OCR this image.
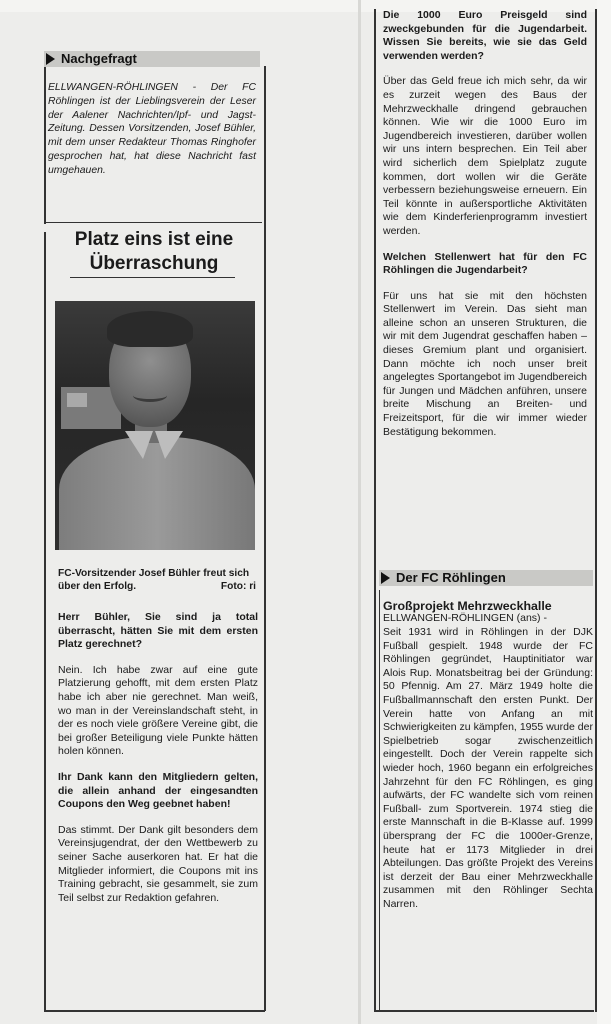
Nachgefragt

ELLWANGEN-RÖHLINGEN - Der FC Röhlingen ist der Lieblingsverein der Leser der Aalener Nachrichten/Ipf- und Jagst-Zeitung. Dessen Vorsitzenden, Josef Bühler, mit dem unser Redakteur Thomas Ringhofer gesprochen hat, hat diese Nachricht fast umgehauen.

Platz eins ist eine
Überraschung

FC-Vorsitzender Josef Bühler freut sich über den Erfolg.	Foto: ri

Herr Bühler, Sie sind ja total überrascht, hätten Sie mit dem ersten Platz gerechnet?

Nein. Ich habe zwar auf eine gute Platzierung gehofft, mit dem ersten Platz habe ich aber nie gerechnet. Man weiß, wo man in der Vereinslandschaft steht, in der es noch viele größere Vereine gibt, die bei großer Beteiligung viele Punkte hätten holen können.

Ihr Dank kann den Mitgliedern gelten, die allein anhand der eingesandten Coupons den Weg geebnet haben!

Das stimmt. Der Dank gilt besonders dem Vereinsjugendrat, der den Wettbewerb zu seiner Sache auserkoren hat. Er hat die Mitglieder informiert, die Coupons mit ins Training gebracht, sie gesammelt, sie zum Teil selbst zur Redaktion gefahren.

Die 1000 Euro Preisgeld sind zweckgebunden für die Jugendarbeit. Wissen Sie bereits, wie sie das Geld verwenden werden?

Über das Geld freue ich mich sehr, da wir es zurzeit wegen des Baus der Mehrzweckhalle dringend gebrauchen können. Wie wir die 1000 Euro im Jugendbereich investieren, darüber wollen wir uns intern besprechen. Ein Teil aber wird sicherlich dem Spielplatz zugute kommen, dort wollen wir die Geräte verbessern beziehungsweise erneuern. Ein Teil könnte in außersportliche Aktivitäten wie dem Kinderferienprogramm investiert werden.

Welchen Stellenwert hat für den FC Röhlingen die Jugendarbeit?

Für uns hat sie mit den höchsten Stellenwert im Verein. Das sieht man alleine schon an unseren Strukturen, die wir mit dem Jugendrat geschaffen haben – dieses Gremium plant und organisiert. Dann möchte ich noch unser breit angelegtes Sportangebot im Jugendbereich für Jungen und Mädchen anführen, unsere breite Mischung an Breiten- und Freizeitsport, für die wir immer wieder Bestätigung bekommen.

Der FC Röhlingen
Großprojekt Mehrzweckhalle

ELLWANGEN-RÖHLINGEN (ans) -

Seit 1931 wird in Röhlingen in der DJK Fußball gespielt. 1948 wurde der FC Röhlingen gegründet, Hauptinitiator war Alois Rup. Monatsbeitrag bei der Gründung: 50 Pfennig. Am 27. März 1949 holte die Fußballmannschaft den ersten Punkt. Der Verein hatte von Anfang an mit Schwierigkeiten zu kämpfen, 1955 wurde der Spielbetrieb sogar zwischenzeitlich eingestellt. Doch der Verein rappelte sich wieder hoch, 1960 begann ein erfolgreiches Jahrzehnt für den FC Röhlingen, es ging aufwärts, der FC wandelte sich vom reinen Fußball- zum Sportverein. 1974 stieg die erste Mannschaft in die B-Klasse auf. 1999 übersprang der FC die 1000er-Grenze, heute hat er 1173 Mitglieder in drei Abteilungen. Das größte Projekt des Vereins ist derzeit der Bau einer Mehrzweckhalle zusammen mit den Röhlinger Sechta Narren.
